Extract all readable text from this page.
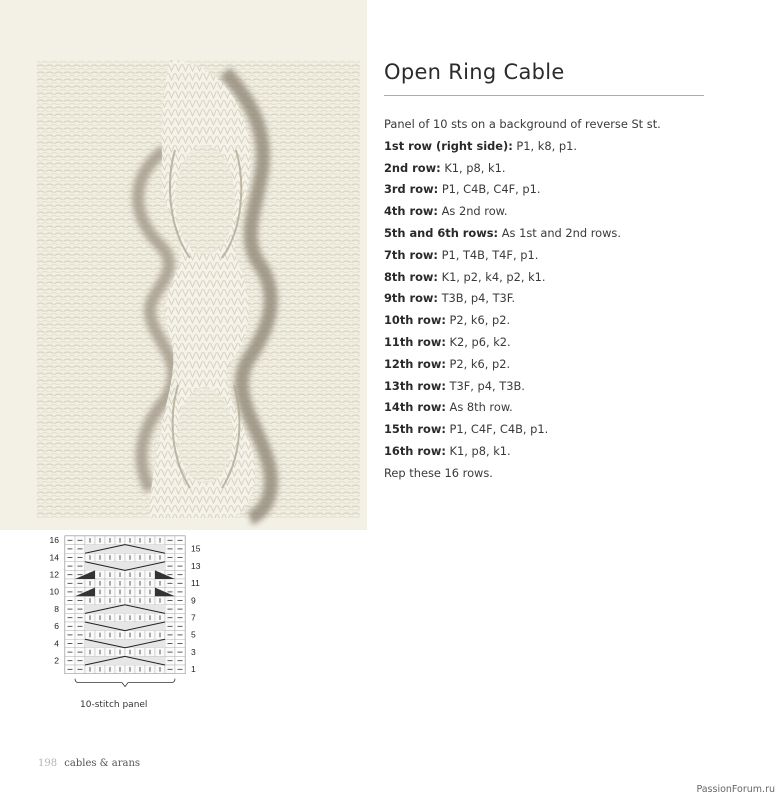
Open Ring Cable
Panel of 10 sts on a background of reverse St st.
1st row (right side): P1, k8, p1.
2nd row: K1, p8, k1.
3rd row: P1, C4B, C4F, p1.
4th row: As 2nd row.
5th and 6th rows: As 1st and 2nd rows.
7th row: P1, T4B, T4F, p1.
8th row: K1, p2, k4, p2, k1.
9th row: T3B, p4, T3F.
10th row: P2, k6, p2.
11th row: K2, p6, k2.
12th row: P2, k6, p2.
13th row: T3F, p4, T3B.
14th row: As 8th row.
15th row: P1, C4F, C4B, p1.
16th row: K1, p8, k1.
Rep these 16 rows.
16
14
12
10
8
6
4
2
15
13
11
9
7
5
3
1
10-stitch panel
198 cables & arans
PassionForum.ru
